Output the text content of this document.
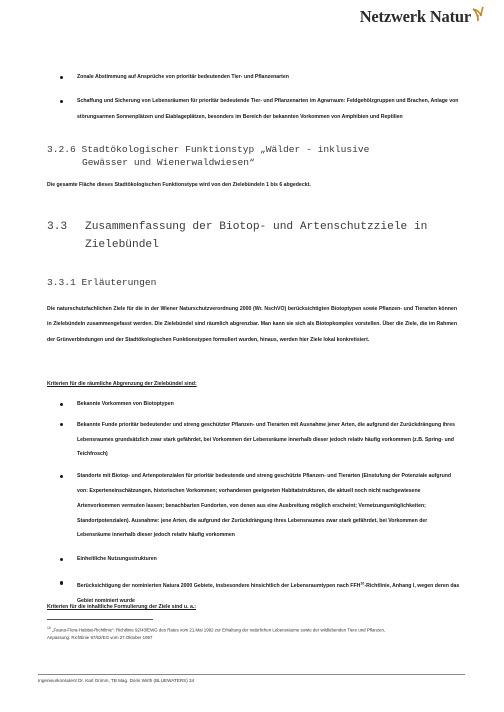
Netzwerk Natur
Zonale Abstimmung auf Ansprüche von prioritär bedeutenden Tier- und Pflanzenarten
Schaffung und Sicherung von Lebensräumen für prioritär bedeutende Tier- und Pflanzenarten im Agrarraum: Feldgehölzgruppen und Brachen, Anlage von störungsarmen Sonnenplätzen und Eiablageplätzen, besonders im Bereich der bekannten Vorkommen von Amphibien und Reptilien
3.2.6 Stadtökologischer Funktionstyp „Wälder - inklusive
Gewässer und Wienerwaldwiesen“
Die gesamte Fläche dieses Stadtökologischen Funktionstype wird von den Zielebündeln 1 bis 6 abgedeckt.
3.3 Zusammenfassung der Biotop- und Artenschutzziele in
Zielebündel
3.3.1 Erläuterungen
Die naturschutzfachlichen Ziele für die in der Wiener Naturschutzverordnung 2000 (Wr. NschVO) berücksichtigten Biotoptypen sowie Pflanzen- und Tierarten können in Zielebündeln zusammengefasst werden. Die Zielebündel sind räumlich abgrenzbar. Man kann sie sich als Biotopkomplex vorstellen. Über die Ziele, die im Rahmen der Grünverbindungen und der Stadtökologischen Funktionstypen formuliert wurden, hinaus, werden hier Ziele lokal konkretisiert.
Kriterien für die räumliche Abgrenzung der Zielebündel sind:
Bekannte Vorkommen von Biotoptypen
Bekannte Funde prioritär bedeutender und streng geschützter Pflanzen- und Tierarten mit Ausnahme jener Arten, die aufgrund der Zurückdrängung ihres Lebensraumes grundsätzlich zwar stark gefährdet, bei Vorkommen der Lebensräume innerhalb dieser jedoch relativ häufig vorkommen (z.B. Spring- und Teichfrosch)
Standorte mit Biotop- und Artenpotenzialen für prioritär bedeutende und streng geschützte Pflanzen- und Tierarten (Einstufung der Potenziale aufgrund von: Experteneinschätzungen, historischen Vorkommen; vorhandenen geeigneten Habitatstrukturen, die aktuell noch nicht nachgewiesene Artenvorkommen vermuten lassen; benachbarten Fundorten, von denen aus eine Ausbreitung möglich erscheint; Vernetzungsmöglichkeiten; Standortpotenzialen). Ausnahme: jene Arten, die aufgrund der Zurückdrängung ihres Lebensraumes zwar stark gefährdet, bei Vorkommen der Lebensräume innerhalb dieser jedoch relativ häufig vorkommen
Einheitliche Nutzungsstrukturen
Berücksichtigung der nominierten Natura 2000 Gebiete, insbesondere hinsichtlich der Lebensraumtypen nach FFH$^{10}$-Richtlinie, Anhang I, wegen deren das Gebiet nominiert wurde
Kriterien für die inhaltliche Formulierung der Ziele sind u. a.:
$^{10}$ „Fauna-Flora-Habitat-Richtlinie“: Richtlinie 92/43/EWG des Rates vom 21.Mai 1992 zur Erhaltung der natürlichen Lebensräume sowie der wildlebenden Tiere und Pflanzen,
Anpassung: Richtlinie 97/62/EG vom 27.Oktober 1997
Ingenieurkonsulent Dr. Karl Grimm, TB Mag. Doris Wirth (BLUEWATERS) 34
